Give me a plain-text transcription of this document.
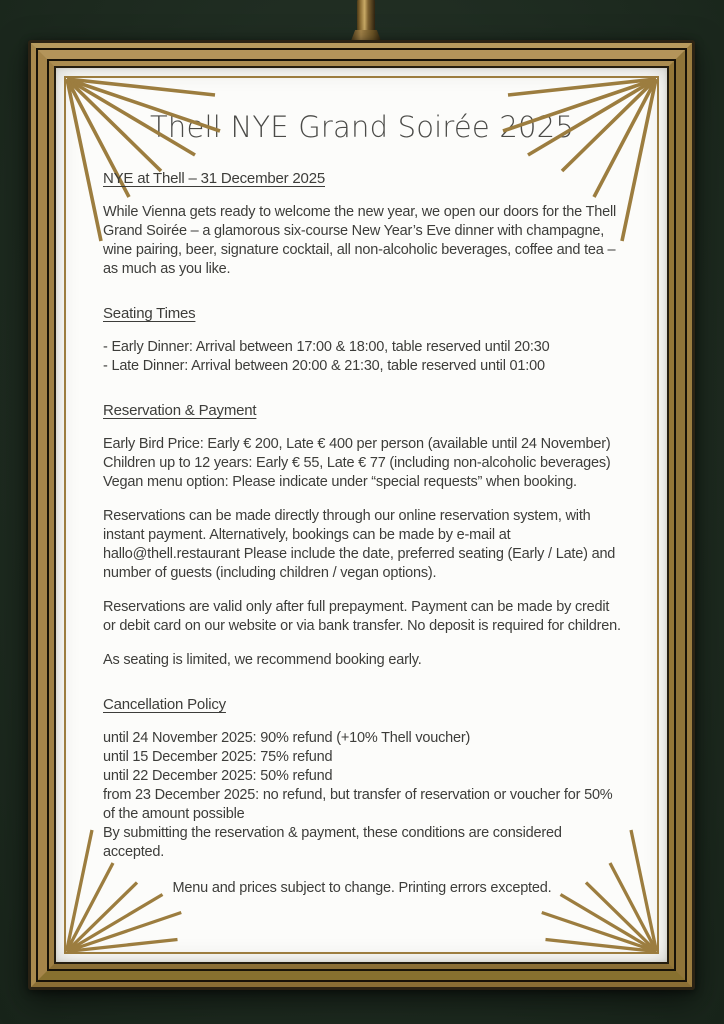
Thell NYE Grand Soirée 2025
NYE at Thell – 31 December 2025
While Vienna gets ready to welcome the new year, we open our doors for the Thell Grand Soirée – a glamorous six-course New Year’s Eve dinner with champagne, wine pairing, beer, signature cocktail, all non-alcoholic beverages, coffee and tea – as much as you like.
Seating Times
- Early Dinner: Arrival between 17:00 & 18:00, table reserved until 20:30
- Late Dinner: Arrival between 20:00 & 21:30, table reserved until 01:00
Reservation & Payment
Early Bird Price: Early € 200, Late € 400 per person (available until 24 November)
Children up to 12 years: Early € 55, Late € 77 (including non-alcoholic beverages)
Vegan menu option: Please indicate under “special requests” when booking.
Reservations can be made directly through our online reservation system, with instant payment. Alternatively, bookings can be made by e-mail at hallo@thell.restaurant Please include the date, preferred seating (Early / Late) and number of guests (including children / vegan options).
Reservations are valid only after full prepayment. Payment can be made by credit or debit card on our website or via bank transfer. No deposit is required for children.
As seating is limited, we recommend booking early.
Cancellation Policy
until 24 November 2025: 90% refund (+10% Thell voucher)
until 15 December 2025: 75% refund
until 22 December 2025: 50% refund
from 23 December 2025: no refund, but transfer of reservation or voucher for 50% of the amount possible
By submitting the reservation & payment, these conditions are considered accepted.
Menu and prices subject to change. Printing errors excepted.
